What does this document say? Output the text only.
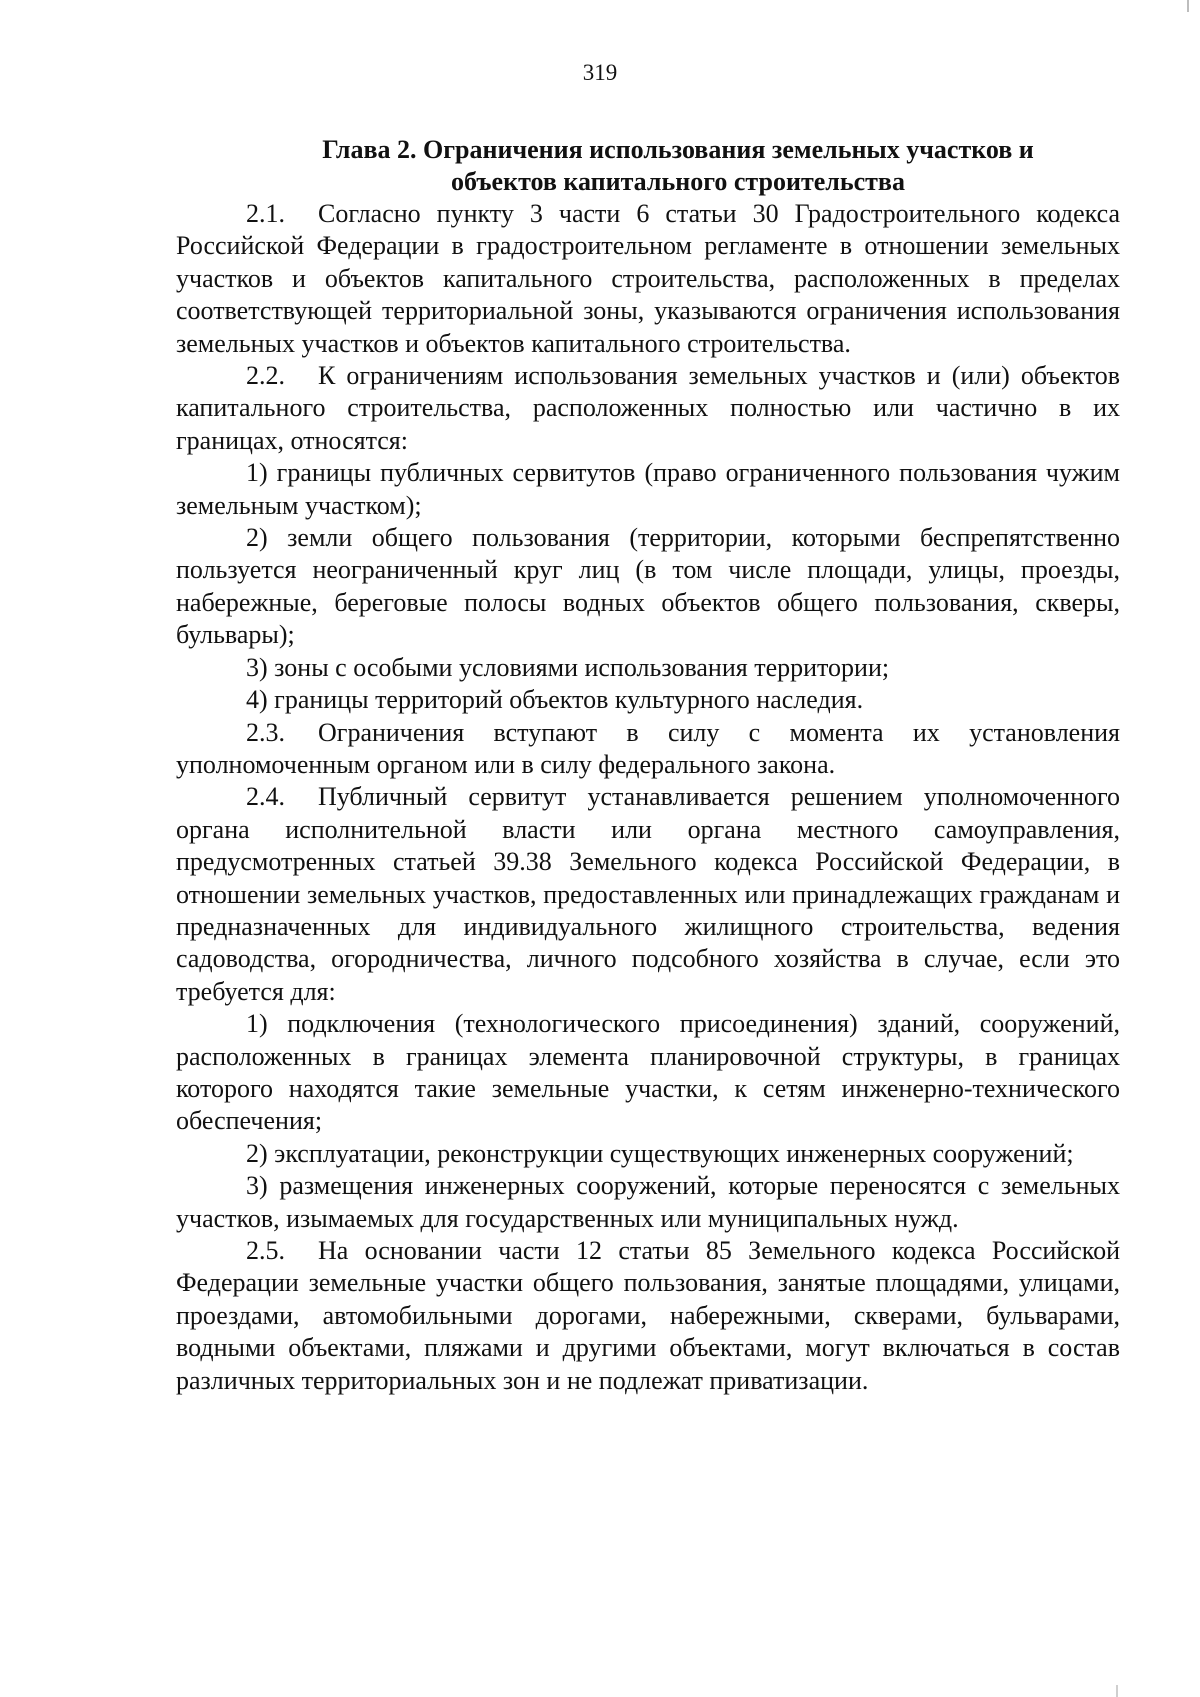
319
Глава 2. Ограничения использования земельных участков и
объектов капитального строительства

2.1. Согласно пункту 3 части 6 статьи 30 Градостроительного кодекса Российской Федерации в градостроительном регламенте в отношении земельных участков и объектов капитального строительства, расположенных в пределах соответствующей территориальной зоны, указываются ограничения использования земельных участков и объектов капитального строительства.

2.2. К ограничениям использования земельных участков и (или) объектов капитального строительства, расположенных полностью или частично в их границах, относятся:

1) границы публичных сервитутов (право ограниченного пользования чужим земельным участком);

2) земли общего пользования (территории, которыми беспрепятственно пользуется неограниченный круг лиц (в том числе площади, улицы, проезды, набережные, береговые полосы водных объектов общего пользования, скверы, бульвары);

3) зоны с особыми условиями использования территории;

4) границы территорий объектов культурного наследия.

2.3. Ограничения вступают в силу с момента их установления уполномоченным органом или в силу федерального закона.

2.4. Публичный сервитут устанавливается решением уполномоченного органа исполнительной власти или органа местного самоуправления, предусмотренных статьей 39.38 Земельного кодекса Российской Федерации, в отношении земельных участков, предоставленных или принадлежащих гражданам и предназначенных для индивидуального жилищного строительства, ведения садоводства, огородничества, личного подсобного хозяйства в случае, если это требуется для:

1) подключения (технологического присоединения) зданий, сооружений, расположенных в границах элемента планировочной структуры, в границах которого находятся такие земельные участки, к сетям инженерно-технического обеспечения;

2) эксплуатации, реконструкции существующих инженерных сооружений;

3) размещения инженерных сооружений, которые переносятся с земельных участков, изымаемых для государственных или муниципальных нужд.

2.5. На основании части 12 статьи 85 Земельного кодекса Российской Федерации земельные участки общего пользования, занятые площадями, улицами, проездами, автомобильными дорогами, набережными, скверами, бульварами, водными объектами, пляжами и другими объектами, могут включаться в состав различных территориальных зон и не подлежат приватизации.
